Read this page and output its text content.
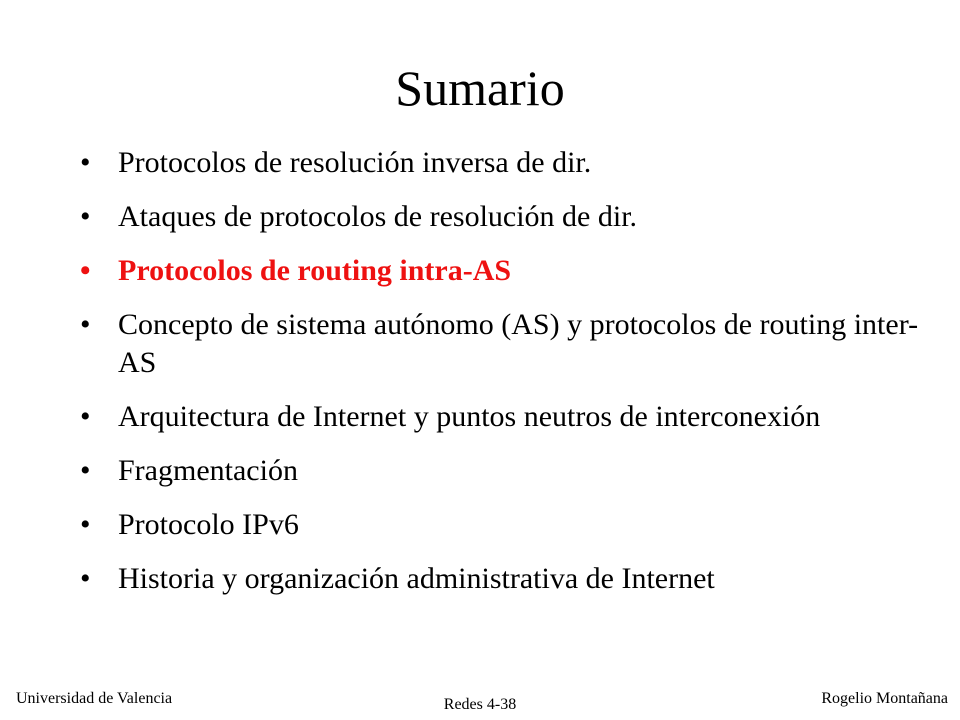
Sumario
• Protocolos de resolución inversa de dir.
• Ataques de protocolos de resolución de dir.
• Protocolos de routing intra-AS
• Concepto de sistema autónomo (AS) y protocolos de routing inter-AS
• Arquitectura de Internet y puntos neutros de interconexión
• Fragmentación
• Protocolo IPv6
• Historia y organización administrativa de Internet
Universidad de Valencia	Redes 4-38	Rogelio Montañana
